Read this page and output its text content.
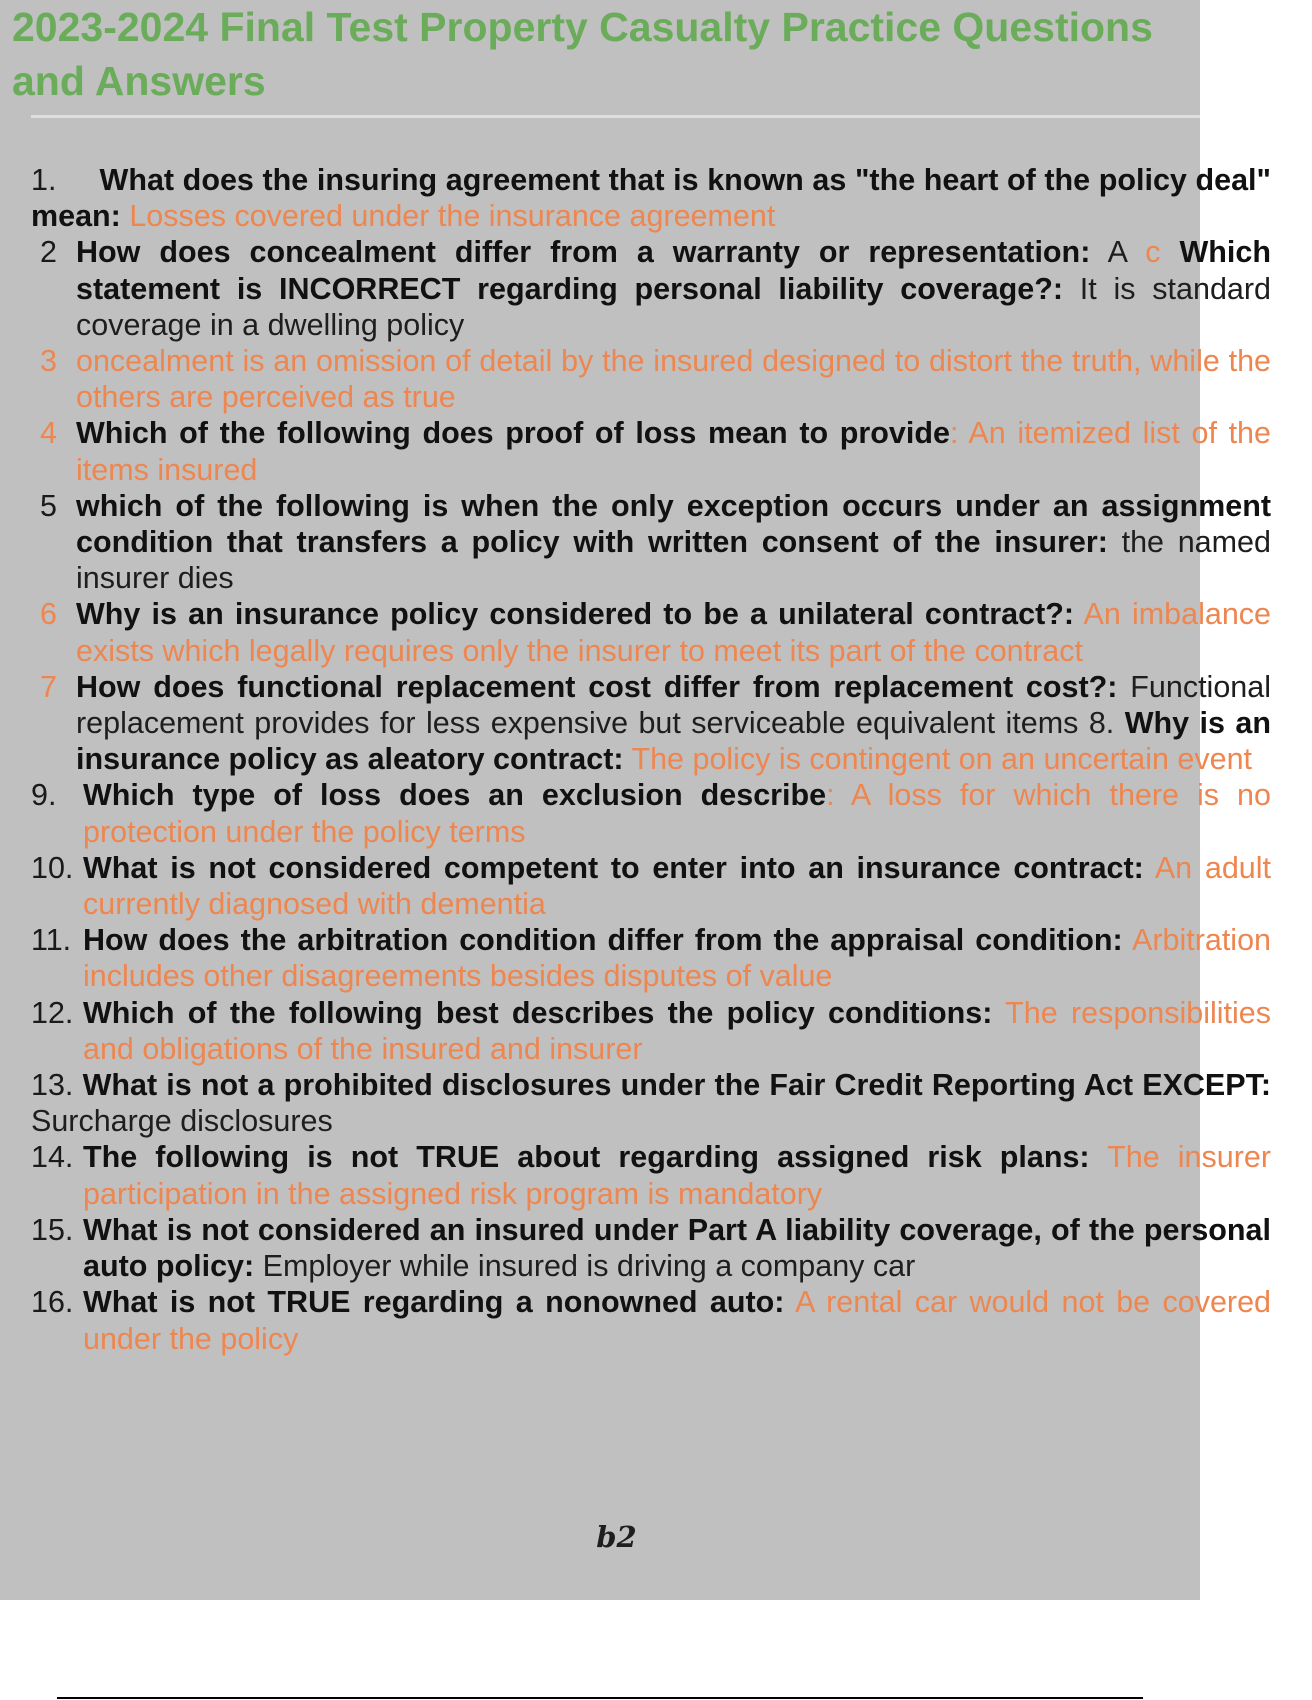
2023-2024 Final Test Property Casualty Practice Questions
and Answers
1. What does the insuring agreement that is known as "the heart of the policy deal" mean: Losses covered under the insurance agreement
2 How does concealment differ from a warranty or representation: A c Which statement is INCORRECT regarding personal liability coverage?: It is standard coverage in a dwelling policy
3 oncealment is an omission of detail by the insured designed to distort the truth, while the others are perceived as true
4 Which of the following does proof of loss mean to provide: An itemized list of the items insured
5 which of the following is when the only exception occurs under an assignment condition that transfers a policy with written consent of the insurer: the named insurer dies
6 Why is an insurance policy considered to be a unilateral contract?: An imbalance exists which legally requires only the insurer to meet its part of the contract
7 How does functional replacement cost differ from replacement cost?: Functional replacement provides for less expensive but serviceable equivalent items 8. Why is an insurance policy as aleatory contract: The policy is contingent on an uncertain event
9. Which type of loss does an exclusion describe: A loss for which there is no protection under the policy terms
10. What is not considered competent to enter into an insurance contract: An adult currently diagnosed with dementia
11. How does the arbitration condition differ from the appraisal condition: Arbitration includes other disagreements besides disputes of value
12. Which of the following best describes the policy conditions: The responsibilities and obligations of the insured and insurer
13. What is not a prohibited disclosures under the Fair Credit Reporting Act EXCEPT: Surcharge disclosures
14. The following is not TRUE about regarding assigned risk plans: The insurer participation in the assigned risk program is mandatory
15. What is not considered an insured under Part A liability coverage, of the personal auto policy: Employer while insured is driving a company car
16. What is not TRUE regarding a nonowned auto: A rental car would not be covered under the policy
b2
